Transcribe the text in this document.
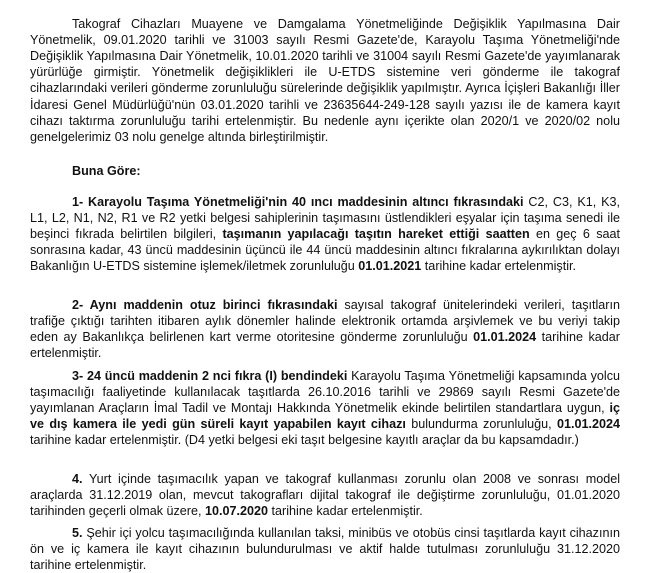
Takograf Cihazları Muayene ve Damgalama Yönetmeliğinde Değişiklik Yapılmasına Dair Yönetmelik, 09.01.2020 tarihli ve 31003 sayılı Resmi Gazete'de, Karayolu Taşıma Yönetmeliği'nde Değişiklik Yapılmasına Dair Yönetmelik, 10.01.2020 tarihli ve 31004 sayılı Resmi Gazete'de yayımlanarak yürürlüğe girmiştir. Yönetmelik değişiklikleri ile U-ETDS sistemine veri gönderme ile takograf cihazlarındaki verileri gönderme zorunluluğu sürelerinde değişiklik yapılmıştır. Ayrıca İçişleri Bakanlığı İller İdaresi Genel Müdürlüğü'nün 03.01.2020 tarihli ve 23635644-249-128 sayılı yazısı ile de kamera kayıt cihazı taktırma zorunluluğu tarihi ertelenmiştir. Bu nedenle aynı içerikte olan 2020/1 ve 2020/02 nolu genelgelerimiz 03 nolu genelge altında birleştirilmiştir.

Buna Göre:

1- Karayolu Taşıma Yönetmeliği'nin 40 ıncı maddesinin altıncı fıkrasındaki C2, C3, K1, K3, L1, L2, N1, N2, R1 ve R2 yetki belgesi sahiplerinin taşımasını üstlendikleri eşyalar için taşıma senedi ile beşinci fıkrada belirtilen bilgileri, taşımanın yapılacağı taşıtın hareket ettiği saatten en geç 6 saat sonrasına kadar, 43 üncü maddesinin üçüncü ile 44 üncü maddesinin altıncı fıkralarına aykırılıktan dolayı Bakanlığın U-ETDS sistemine işlemek/iletmek zorunluluğu 01.01.2021 tarihine kadar ertelenmiştir.

2- Aynı maddenin otuz birinci fıkrasındaki sayısal takograf ünitelerindeki verileri, taşıtların trafiğe çıktığı tarihten itibaren aylık dönemler halinde elektronik ortamda arşivlemek ve bu veriyi takip eden ay Bakanlıkça belirlenen kart verme otoritesine gönderme zorunluluğu 01.01.2024 tarihine kadar ertelenmiştir.

3- 24 üncü maddenin 2 nci fıkra (I) bendindeki Karayolu Taşıma Yönetmeliği kapsamında yolcu taşımacılığı faaliyetinde kullanılacak taşıtlarda 26.10.2016 tarihli ve 29869 sayılı Resmi Gazete'de yayımlanan Araçların İmal Tadil ve Montajı Hakkında Yönetmelik ekinde belirtilen standartlara uygun, iç ve dış kamera ile yedi gün süreli kayıt yapabilen kayıt cihazı bulundurma zorunluluğu, 01.01.2024 tarihine kadar ertelenmiştir. (D4 yetki belgesi eki taşıt belgesine kayıtlı araçlar da bu kapsamdadır.)

4. Yurt içinde taşımacılık yapan ve takograf kullanması zorunlu olan 2008 ve sonrası model araçlarda 31.12.2019 olan, mevcut takografları dijital takograf ile değiştirme zorunluluğu, 01.01.2020 tarihinden geçerli olmak üzere, 10.07.2020 tarihine kadar ertelenmiştir.

5. Şehir içi yolcu taşımacılığında kullanılan taksi, minibüs ve otobüs cinsi taşıtlarda kayıt cihazının ön ve iç kamera ile kayıt cihazının bulundurulması ve aktif halde tutulması zorunluluğu 31.12.2020 tarihine ertelenmiştir.
